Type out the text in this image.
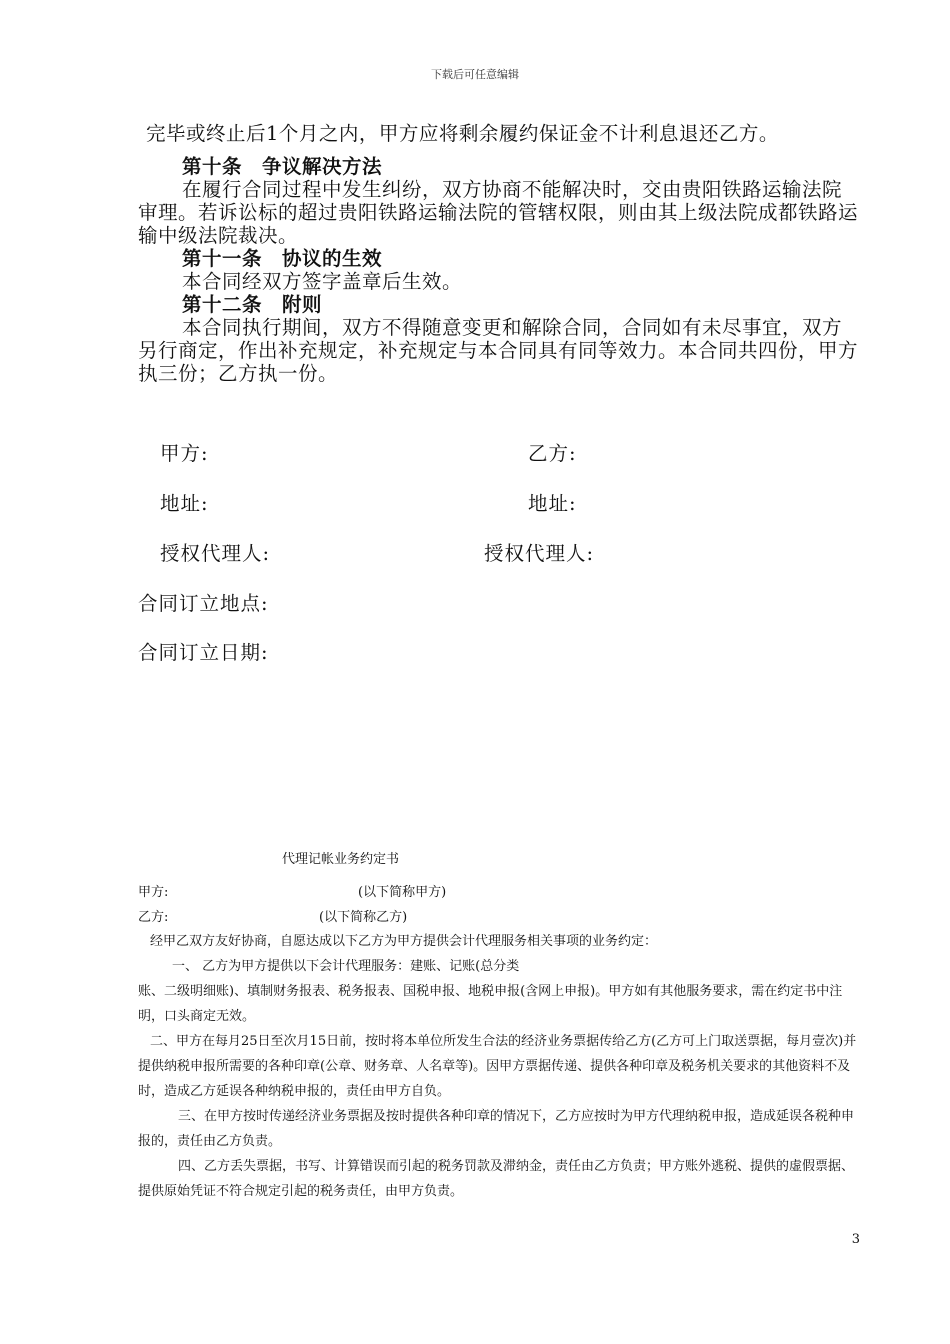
下载后可任意编辑

完毕或终止后1个月之内，甲方应将剩余履约保证金不计利息退还乙方。

第十条　争议解决方法

在履行合同过程中发生纠纷，双方协商不能解决时，交由贵阳铁路运输法院审理。若诉讼标的超过贵阳铁路运输法院的管辖权限，则由其上级法院成都铁路运输中级法院裁决。

第十一条　协议的生效

本合同经双方签字盖章后生效。

第十二条　附则

本合同执行期间，双方不得随意变更和解除合同，合同如有未尽事宜，双方另行商定，作出补充规定，补充规定与本合同具有同等效力。本合同共四份，甲方执三份；乙方执一份。

甲方:	乙方:
地址:	地址:
授权代理人:	授权代理人:
合同订立地点:
合同订立日期:
代理记帐业务约定书
甲方:	(以下简称甲方)
乙方:	(以下简称乙方)

经甲乙双方友好协商，自愿达成以下乙方为甲方提供会计代理服务相关事项的业务约定：

一、 乙方为甲方提供以下会计代理服务：建账、记账(总分类

账、二级明细账)、填制财务报表、税务报表、国税申报、地税申报(含网上申报)。甲方如有其他服务要求，需在约定书中注明，口头商定无效。

二、甲方在每月25日至次月15日前，按时将本单位所发生合法的经济业务票据传给乙方(乙方可上门取送票据，每月壹次)并提供纳税申报所需要的各种印章(公章、财务章、人名章等)。因甲方票据传递、提供各种印章及税务机关要求的其他资料不及时，造成乙方延误各种纳税申报的，责任由甲方自负。

三、在甲方按时传递经济业务票据及按时提供各种印章的情况下，乙方应按时为甲方代理纳税申报，造成延误各税种申报的，责任由乙方负责。

四、乙方丢失票据，书写、计算错误而引起的税务罚款及滞纳金，责任由乙方负责；甲方账外逃税、提供的虚假票据、提供原始凭证不符合规定引起的税务责任，由甲方负责。

3
